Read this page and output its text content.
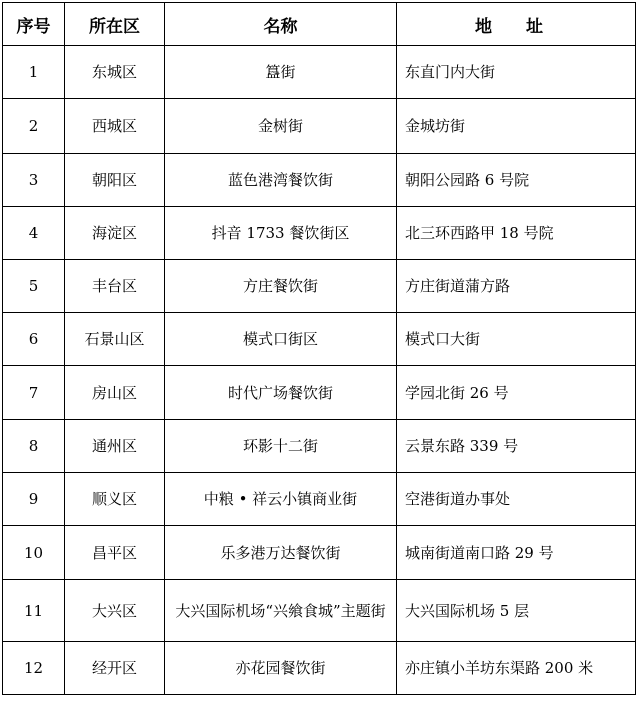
序号	所在区	名称	地 址
1	东城区	簋街	东直门内大街
2	西城区	金树街	金城坊街
3	朝阳区	蓝色港湾餐饮街	朝阳公园路 6 号院
4	海淀区	抖音 1733 餐饮街区	北三环西路甲 18 号院
5	丰台区	方庄餐饮街	方庄街道蒲方路
6	石景山区	模式口街区	模式口大街
7	房山区	时代广场餐饮街	学园北街 26 号
8	通州区	环影十二街	云景东路 339 号
9	顺义区	中粮 • 祥云小镇商业街	空港街道办事处
10	昌平区	乐多港万达餐饮街	城南街道南口路 29 号
11	大兴区	大兴国际机场“兴飨食城”主题街	大兴国际机场 5 层
12	经开区	亦花园餐饮街	亦庄镇小羊坊东渠路 200 米
